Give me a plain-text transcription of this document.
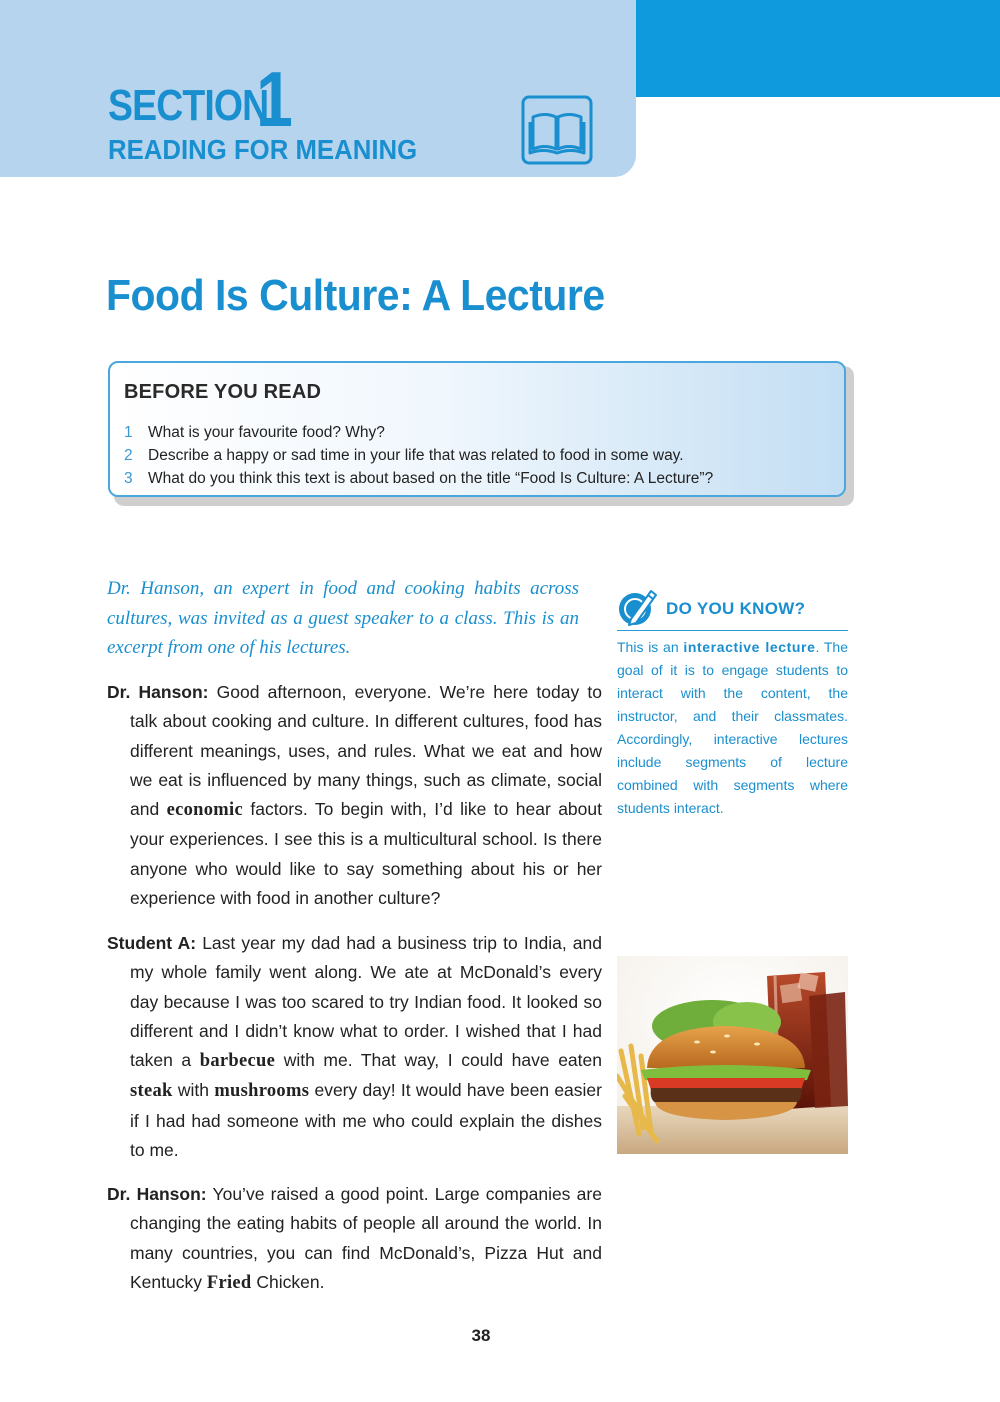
SECTION
1
READING FOR MEANING
Food Is Culture: A Lecture
BEFORE YOU READ
1 What is your favourite food? Why?
2 Describe a happy or sad time in your life that was related to food in some way.
3 What do you think this text is about based on the title “Food Is Culture: A Lecture”?

Dr. Hanson, an expert in food and cooking habits across cultures, was invited as a guest speaker to a class. This is an excerpt from one of his lectures.

Dr. Hanson: Good afternoon, everyone. We’re here today to talk about cooking and culture. In different cultures, food has different meanings, uses, and rules. What we eat and how we eat is influenced by many things, such as climate, social and economic factors. To begin with, I’d like to hear about your experiences. I see this is a multicultural school. Is there anyone who would like to say something about his or her experience with food in another culture?

Student A: Last year my dad had a business trip to India, and my whole family went along. We ate at McDonald’s every day because I was too scared to try Indian food. It looked so different and I didn’t know what to order. I wished that I had taken a barbecue with me. That way, I could have eaten steak with mushrooms every day! It would have been easier if I had had someone with me who could explain the dishes to me.

Dr. Hanson: You’ve raised a good point. Large companies are changing the eating habits of people all around the world. In many countries, you can find McDonald’s, Pizza Hut and Kentucky Fried Chicken.

DO YOU KNOW?

This is an interactive lecture. The goal of it is to engage students to interact with the content, the instructor, and their classmates. Accordingly, interactive lectures include segments of lecture combined with segments where students interact.

38
